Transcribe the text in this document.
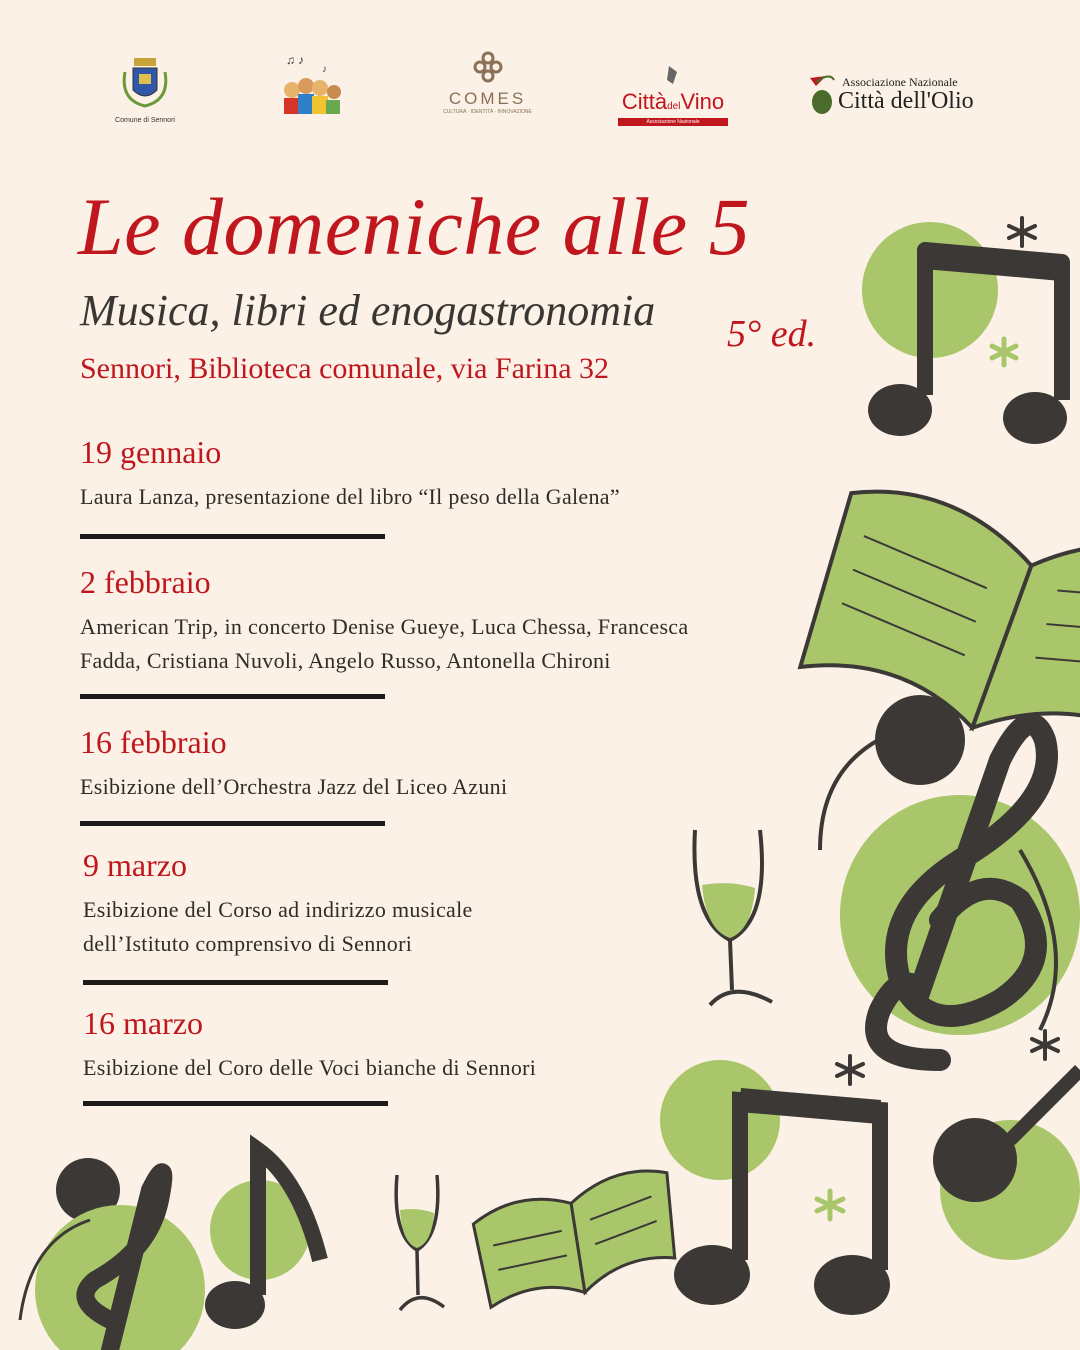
Comune di Sennori
♫ ♪
♪
COMES
CULTURA · IDENTITÀ · INNOVAZIONE	CittàdelVino
Associazione Nazionale
Associazione Nazionale
Città dell'Olio
Le domeniche alle 5
Musica, libri ed enogastronomia 5° ed.
Sennori, Biblioteca comunale, via Farina 32
19 gennaio
Laura Lanza, presentazione del libro “Il peso della Galena”
2 febbraio
American Trip, in concerto Denise Gueye, Luca Chessa, Francesca
Fadda, Cristiana Nuvoli, Angelo Russo, Antonella Chironi
16 febbraio
Esibizione dell’Orchestra Jazz del Liceo Azuni
9 marzo
Esibizione del Corso ad indirizzo musicale
dell’Istituto comprensivo di Sennori
16 marzo
Esibizione del Coro delle Voci bianche di Sennori
